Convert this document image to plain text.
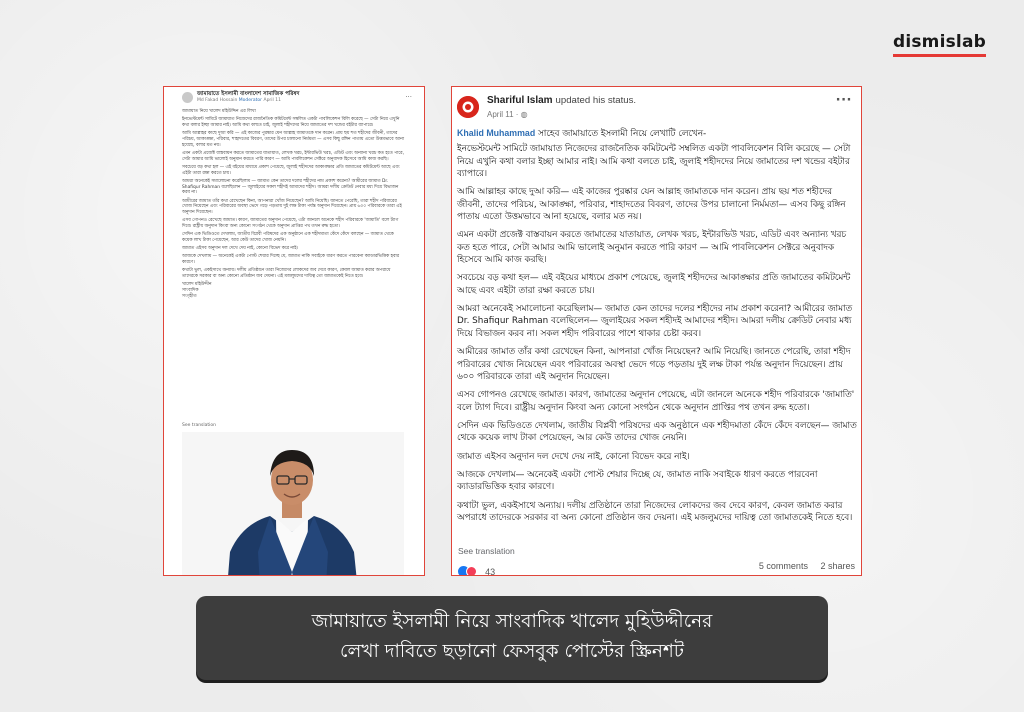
dismislab
জামায়াতে ইসলামী বাংলাদেশ সামাজিক পরিষদ
Md Fakad Hossain Moderator April 11	···

জামায়াত নিয়ে খালেদ মহিউদ্দিন এর লিখা

ইনভেস্টমেন্ট সামিটে জামায়াত নিজেদের রাজনৈতিক কমিটমেন্ট সম্বলিত একটা পাবলিকেশন বিলি করেছে — সেটা নিয়ে এখুনি কথা বলার ইচ্ছা আমার নাই। আমি কথা বলতে চাই, জুলাই শহীদদের নিয়ে জামাতের দশ খন্ডের বইটার ব্যাপারে।

আমি আল্লাহর কাছে দুআ করি — এই কাজের পুরষ্কার যেন আল্লাহ জামাতকে দান করেন। প্রায় ছয় শত শহীদের জীবনী, তাদের পরিচয়, আকাঙ্ক্ষা, পরিবার, শাহাদতের বিবরণ, তাদের উপর চালানো নির্মমতা — এসব কিছু রঙ্গিন পাতায় এতো উত্তমভাবে আনা হয়েছে, বলার মত নয়।

এমন একটা প্রজেক্ট বাস্তবায়ন করতে জামাতের যাতায়াত, লেখক খরচ, ইন্টারভিউ খরচ, এডিট এবং অন্যান্য খরচ কত হতে পারে, সেটা আমার আমি ভালোই অনুমান করতে পারি কারণ — আমি পাবলিকেশন সেক্টরে অনুবাদক হিসেবে আমি কাজ করছি।

সবচেয়ে বড় কথা হল — এই বইয়ের মাধ্যমে প্রকাশ পেয়েছে, জুলাই শহীদদের আকাঙ্ক্ষার প্রতি জামাতের কমিটমেন্ট আছে এবং এইটা তারা রক্ষা করতে চায়।

আমরা অনেকেই সমালোচনা করেছিলাম — জামাত কেন তাদের দলের শহীদের নাম প্রকাশ করেনা? আমীরের জামাত Dr. Shafiqur Rahman বলেছিলেন — জুলাইয়ের সকল শহীদই আমাদের শহীদ। আমরা দলীয় ক্রেডিট নেবার মধ্য দিয়ে বিভাজন করব না।

আমীরের জামাত তাঁর কথা রেখেছেন কিনা, আপনারা খোঁজ নিয়েছেন? আমি নিয়েছি। জানতে পেরেছি, তারা শহীদ পরিবারের খোজ নিয়েছেন এবং পরিবারের অবস্থা ভেদে গড়ে পড়তায় দুই লক্ষ টাকা পর্যন্ত অনুদান দিয়েছেন। প্রায় ৬০০ পরিবারকে তারা এই অনুদান দিয়েছেন।

এসব গোপনও রেখেছে জামাত। কারণ, জামাতের অনুদান পেয়েছে, এটা জানলে অনেকে শহীদ পরিবারকে 'জামাতি' বলে ট্যাগ দিবে। রাষ্ট্রীয় অনুদান কিংবা অন্য কোনো সংগঠন থেকে অনুদান প্রাপ্তির পথ তখন রুদ্ধ হতো।

সেদিন এক ভিডিওতে দেখলাম, জাতীয় বিপ্লবী পরিষদের এক অনুষ্ঠানে এক শহীদমাতা কেঁদে কেঁদে বলছেন — জামাত থেকে কয়েক লাখ টাকা পেয়েছেন, আর কেউ তাদের খোজ নেয়নি।

জামাত এইসব অনুদান দল দেখে দেয় নাই, কোনো বিভেদ করে নাই।

আজকে দেখলাম — অনেকেই একটা পোস্ট শেয়ার দিচ্ছে যে, জামাত নাকি সবাইকে ধারণ করতে পারবেনা ক্যাডারভিত্তিক হবার কারণে।

কথাটা ভুল, একইসাথে অন্যায়। দলীয় প্রতিষ্ঠানে তারা নিজেদের লোকদের জব দেবে কারণ, কেবল জামাত করার অপরাধে তাদেরকে সরকার বা অন্য কোনো প্রতিষ্ঠান জব দেয়না। এই মজলুমদের দায়িত্ব তো জামাতকেই নিতে হবে।

খালেদ মহিউদ্দীন

সাংবাদিক

সংগৃহীত

See translation

Shariful Islam updated his status.
April 11 · ◍
···

Khalid Muhammad সাহেব জামায়াতে ইসলামী নিয়ে লেখাটি লেখেন-

ইনভেস্টমেন্ট সামিটে জামায়াত নিজেদের রাজনৈতিক কমিটমেন্ট সম্বলিত একটা পাবলিকেশন বিলি করেছে — সেটা নিয়ে এখুনি কথা বলার ইচ্ছা আমার নাই। আমি কথা বলতে চাই, জুলাই শহীদদের নিয়ে জামাতের দশ খন্ডের বইটার ব্যাপারে।

আমি আল্লাহর কাছে দুআ করি— এই কাজের পুরষ্কার যেন আল্লাহ জামাতকে দান করেন। প্রায় ছয় শত শহীদের জীবনী, তাদের পরিচয়, আকাঙ্ক্ষা, পরিবার, শাহাদতের বিবরণ, তাদের উপর চালানো নির্মমতা— এসব কিছু রঙ্গিন পাতায় এতো উত্তমভাবে আনা হয়েছে, বলার মত নয়।

এমন একটা প্রজেক্ট বাস্তবায়ন করতে জামাতের যাতায়াত, লেখক খরচ, ইন্টারভিউ খরচ, এডিট এবং অন্যান্য খরচ কত হতে পারে, সেটা আমার আমি ভালোই অনুমান করতে পারি কারণ — আমি পাবলিকেশন সেক্টরে অনুবাদক হিসেবে আমি কাজ করছি।

সবচেয়ে বড় কথা হল— এই বইয়ের মাধ্যমে প্রকাশ পেয়েছে, জুলাই শহীদদের আকাঙ্ক্ষার প্রতি জামাতের কমিটমেন্ট আছে এবং এইটা তারা রক্ষা করতে চায়।

আমরা অনেকেই সমালোচনা করেছিলাম— জামাত কেন তাদের দলের শহীদের নাম প্রকাশ করেনা? আমীরের জামাত Dr. Shafiqur Rahman বলেছিলেন— জুলাইয়ের সকল শহীদই আমাদের শহীদ। আমরা দলীয় ক্রেডিট নেবার মধ্য দিয়ে বিভাজন করব না। সকল শহীদ পরিবারের পাশে থাকার চেষ্টা করব।

আমীরের জামাত তাঁর কথা রেখেছেন কিনা, আপনারা খোঁজ নিয়েছেন? আমি নিয়েছি। জানতে পেরেছি, তারা শহীদ পরিবারের খোজ নিয়েছেন এবং পরিবারের অবস্থা ভেদে গড়ে পড়তায় দুই লক্ষ টাকা পর্যন্ত অনুদান দিয়েছেন। প্রায় ৬০০ পরিবারকে তারা এই অনুদান দিয়েছেন।

এসব গোপনও রেখেছে জামাত। কারণ, জামাতের অনুদান পেয়েছে, এটা জানলে অনেকে শহীদ পরিবারকে 'জামাতি' বলে ট্যাগ দিবে। রাষ্ট্রীয় অনুদান কিংবা অন্য কোনো সংগঠন থেকে অনুদান প্রাপ্তির পথ তখন রুদ্ধ হতো।

সেদিন এক ভিডিওতে দেখলাম, জাতীয় বিপ্লবী পরিষদের এক অনুষ্ঠানে এক শহীদমাতা কেঁদে কেঁদে বলছেন— জামাত থেকে কয়েক লাখ টাকা পেয়েছেন, আর কেউ তাদের খোজ নেয়নি।

জামাত এইসব অনুদান দল দেখে দেয় নাই, কোনো বিভেদ করে নাই।

আজকে দেখলাম— অনেকেই একটা পোস্ট শেয়ার দিচ্ছে যে, জামাত নাকি সবাইকে ধারণ করতে পারবেনা ক্যাডারভিত্তিক হবার কারণে।

কথাটা ভুল, একইসাথে অন্যায়। দলীয় প্রতিষ্ঠানে তারা নিজেদের লোকদের জব দেবে কারণ, কেবল জামাত করার অপরাধে তাদেরকে সরকার বা অন্য কোনো প্রতিষ্ঠান জব দেয়না। এই মজলুমদের দায়িত্ব তো জামাতকেই নিতে হবে।

See translation
43
5 comments 2 shares
জামায়াতে ইসলামী নিয়ে সাংবাদিক খালেদ মুহিউদ্দীনের
লেখা দাবিতে ছড়ানো ফেসবুক পোস্টের স্ক্রিনশট
